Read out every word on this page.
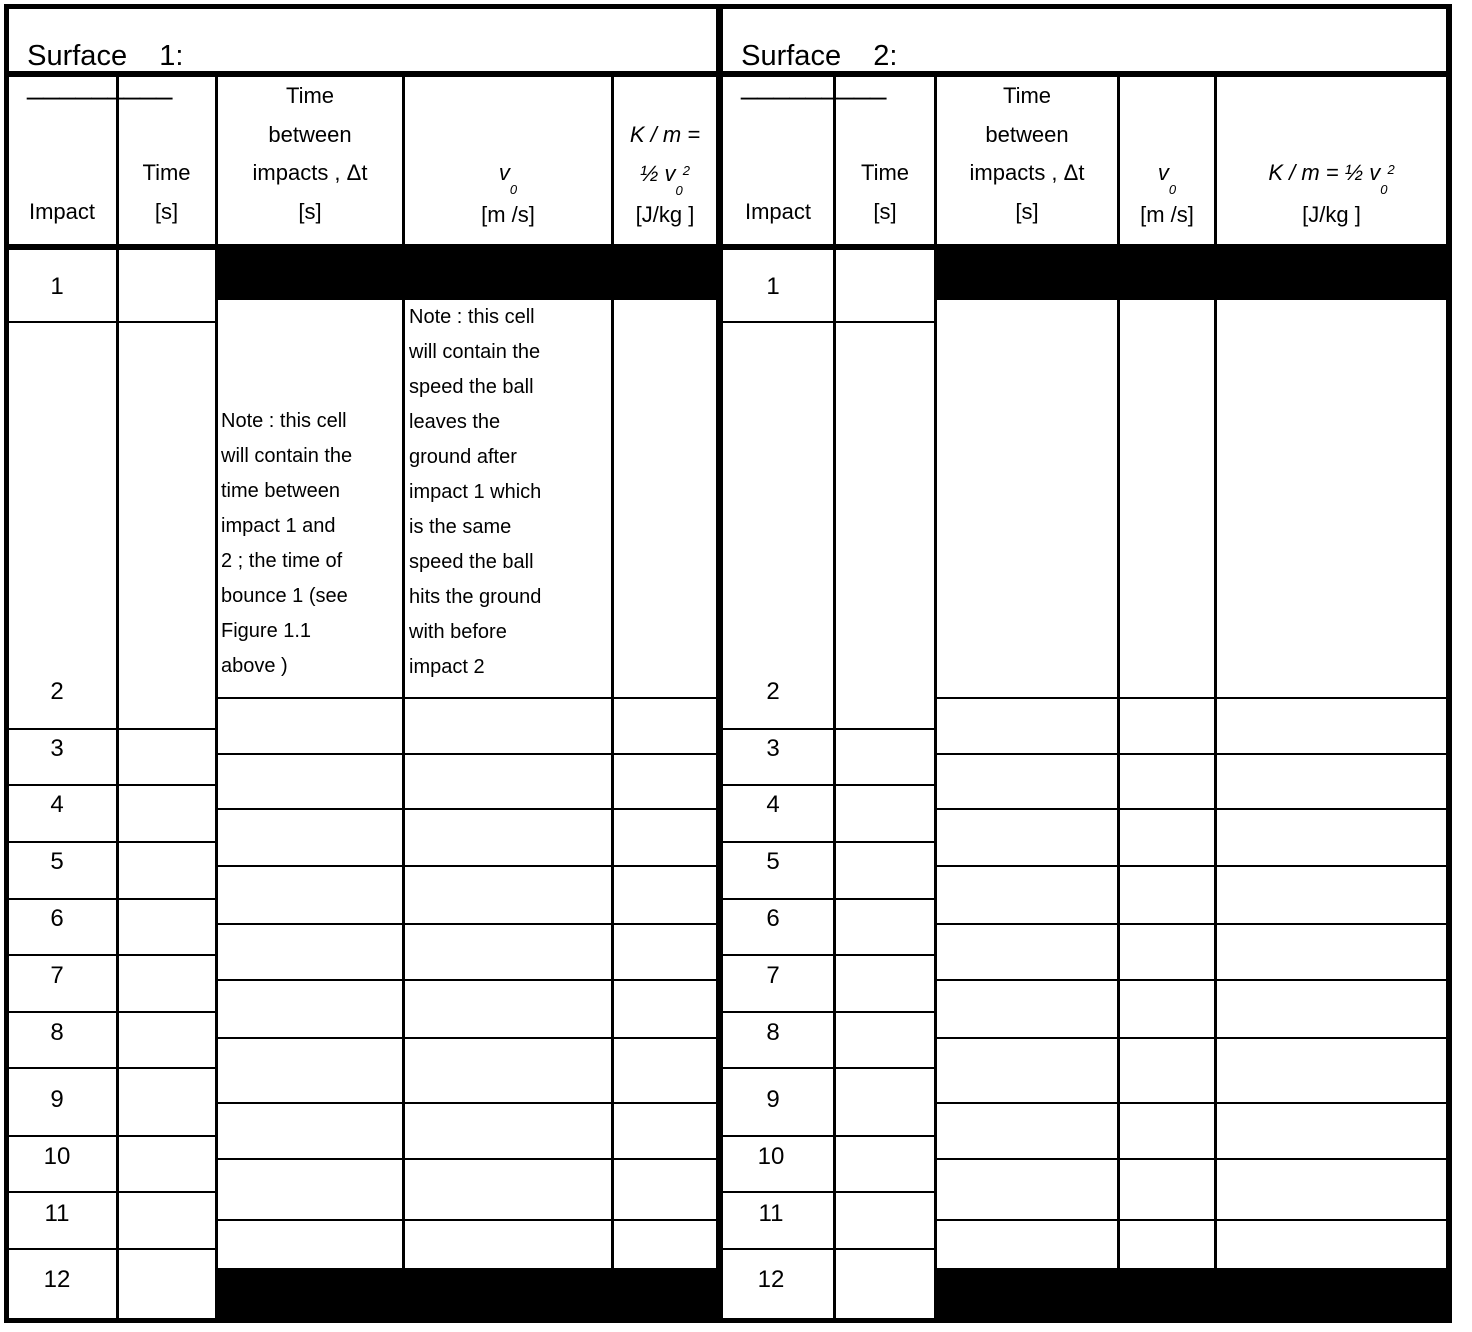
Surface    1:
_________

Surface    2:
_________

Impact
Time
[s]
Time
between
impacts , Δt
[s]
$v_0$
[m /s]
K / m =
½ $v_0^2$
[J/kg ]	Impact
Time
[s]
Time
between
impacts , Δt
[s]
$v_0$
[m /s]
K / m = ½ $v_0^2$
[J/kg ]
Note : this cell
will contain the
time between
impact 1 and
2 ; the time of
bounce 1 (see
Figure 1.1
above )
Note : this cell
will contain the
speed the ball
leaves the
ground after
impact 1 which
is the same
speed the ball
hits the ground
with before
impact 2
1
2
3
4
5
6
7
8
9
10
11
12
1
2
3
4
5
6
7
8
9
10
11
12
